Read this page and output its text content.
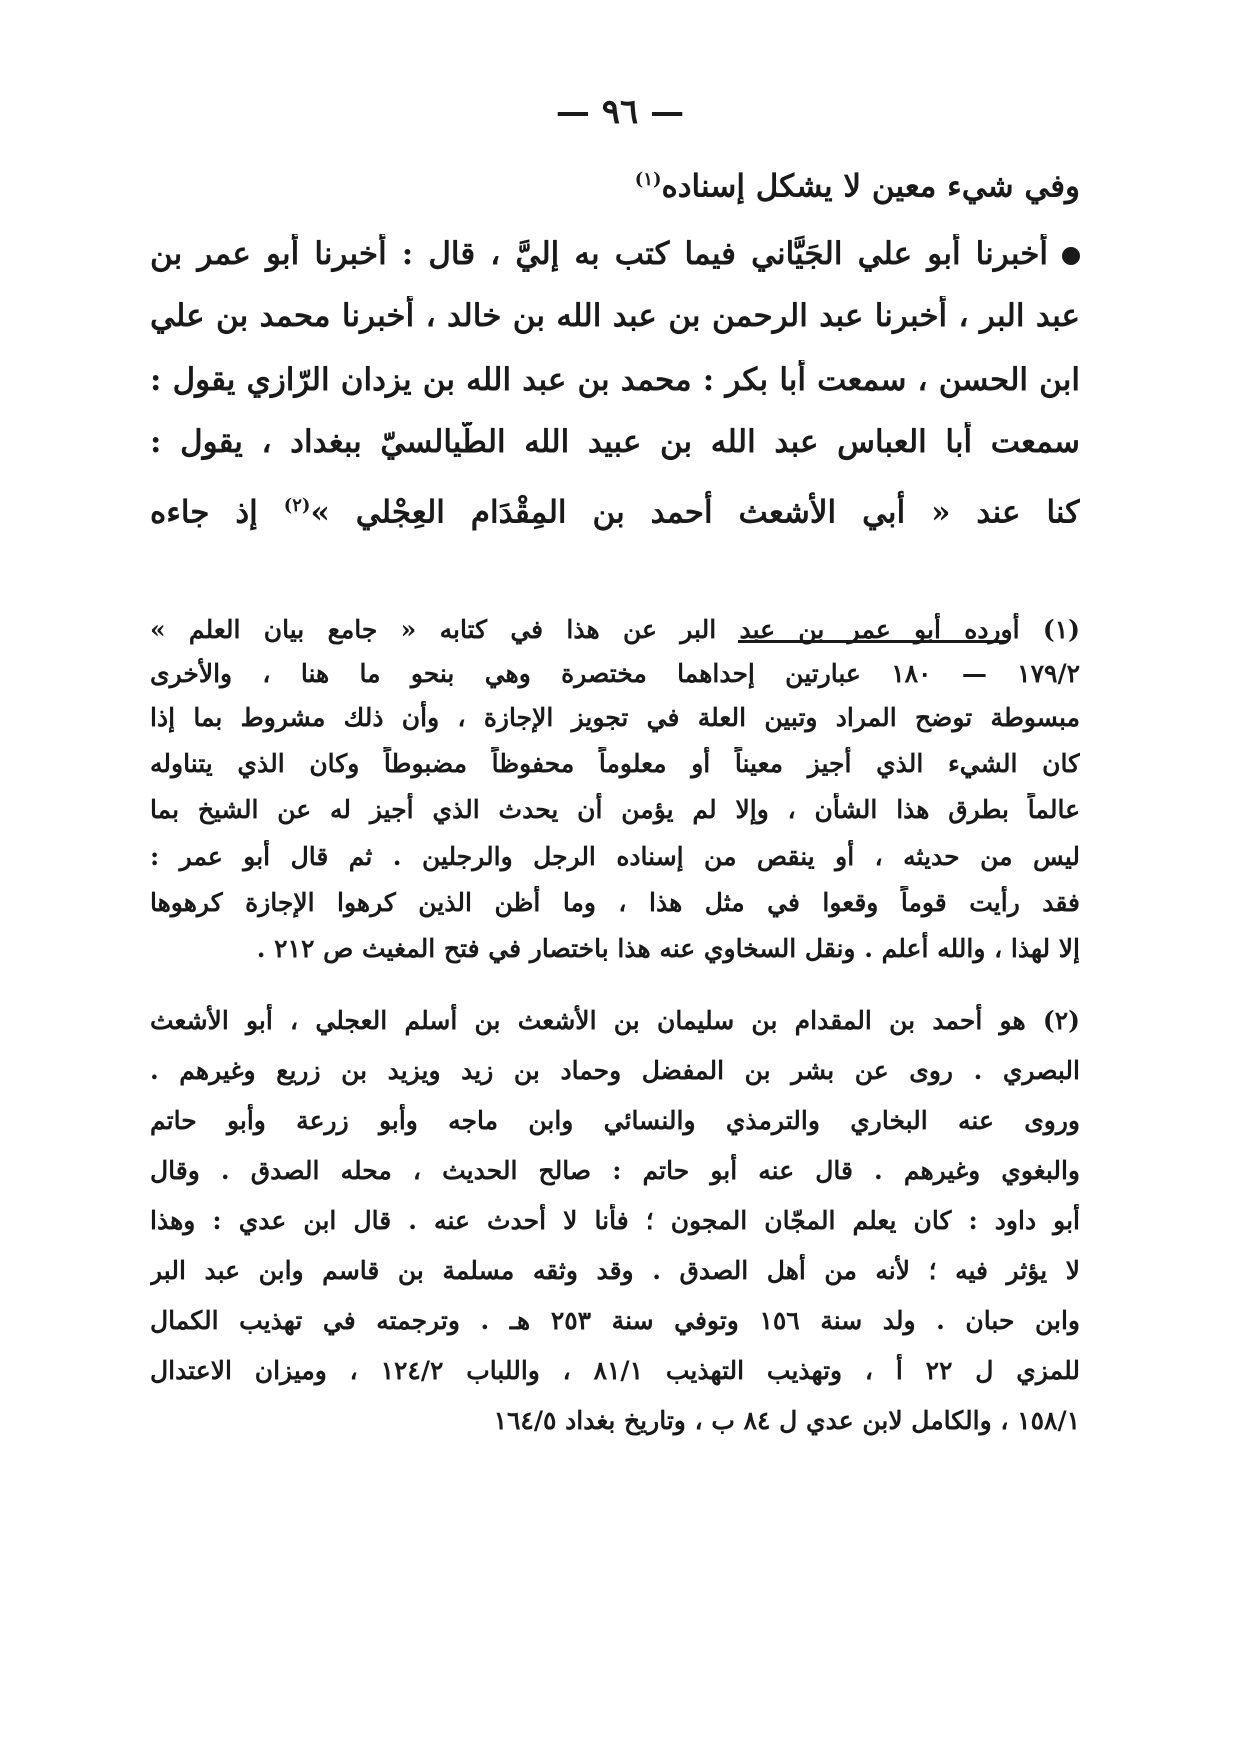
— ٩٦ —
وفي شيء معين لا يشكل إسناده$^{(١)}$
أخبرنا أبو علي الجَيَّاني فيما كتب به إليَّ ، قال : أخبرنا أبو عمر بن
عبد البر ، أخبرنا عبد الرحمن بن عبد الله بن خالد ، أخبرنا محمد بن علي
ابن الحسن ، سمعت أبا بكر : محمد بن عبد الله بن يزدان الرّازي يقول :
سمعت أبا العباس عبد الله بن عبيد الله الطَّيالسيّ ببغداد ، يقول :
كنا عند « أبي الأشعث أحمد بن المِقْدَام العِجْلي »$^{(٢)}$ إذ جاءه
(١) أورده أبو عمر بن عبد البر عن هذا في كتابه « جامع بيان العلم »
١٧٩/٢ — ١٨٠ عبارتين إحداهما مختصرة وهي بنحو ما هنا ، والأخرى
مبسوطة توضح المراد وتبين العلة في تجويز الإجازة ، وأن ذلك مشروط بما إذا
كان الشيء الذي أجيز معيناً أو معلوماً محفوظاً مضبوطاً وكان الذي يتناوله
عالماً بطرق هذا الشأن ، وإلا لم يؤمن أن يحدث الذي أجيز له عن الشيخ بما
ليس من حديثه ، أو ينقص من إسناده الرجل والرجلين . ثم قال أبو عمر :
فقد رأيت قوماً وقعوا في مثل هذا ، وما أظن الذين كرهوا الإجازة كرهوها
إلا لهذا ، والله أعلم . ونقل السخاوي عنه هذا باختصار في فتح المغيث ص ٢١٢ .
(٢) هو أحمد بن المقدام بن سليمان بن الأشعث بن أسلم العجلي ، أبو الأشعث
البصري . روى عن بشر بن المفضل وحماد بن زيد ويزيد بن زريع وغيرهم .
وروى عنه البخاري والترمذي والنسائي وابن ماجه وأبو زرعة وأبو حاتم
والبغوي وغيرهم . قال عنه أبو حاتم : صالح الحديث ، محله الصدق . وقال
أبو داود : كان يعلم المجّان المجون ؛ فأنا لا أحدث عنه . قال ابن عدي : وهذا
لا يؤثر فيه ؛ لأنه من أهل الصدق . وقد وثقه مسلمة بن قاسم وابن عبد البر
وابن حبان . ولد سنة ١٥٦ وتوفي سنة ٢٥٣ هـ . وترجمته في تهذيب الكمال
للمزي ل ٢٢ أ ، وتهذيب التهذيب ٨١/١ ، واللباب ١٢٤/٢ ، وميزان الاعتدال
١٥٨/١ ، والكامل لابن عدي ل ٨٤ ب ، وتاريخ بغداد ١٦٤/٥
